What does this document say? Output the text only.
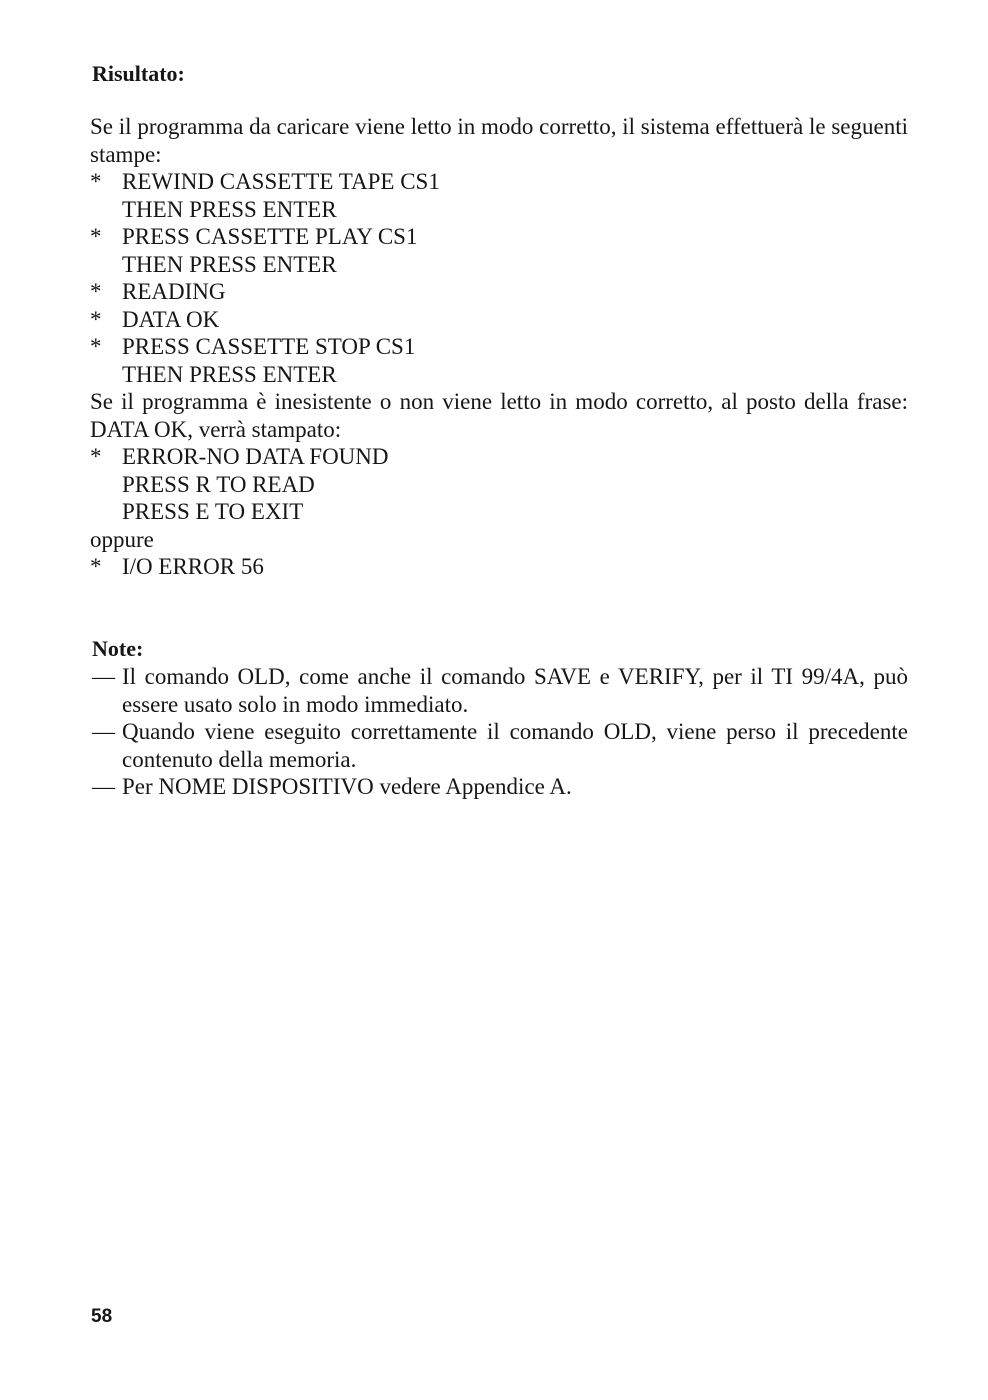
Risultato:

Se il programma da caricare viene letto in modo corretto, il sistema effettuerà le seguenti stampe:

* REWIND CASSETTE TAPE CS1

THEN PRESS ENTER

* PRESS CASSETTE PLAY CS1

THEN PRESS ENTER

* READING

* DATA OK

* PRESS CASSETTE STOP CS1

THEN PRESS ENTER

Se il programma è inesistente o non viene letto in modo corretto, al posto della frase: DATA OK, verrà stampato:

* ERROR-NO DATA FOUND

PRESS R TO READ

PRESS E TO EXIT

oppure

* I/O ERROR 56

Note:

— Il comando OLD, come anche il comando SAVE e VERIFY, per il TI 99/4A, può essere usato solo in modo immediato.

— Quando viene eseguito correttamente il comando OLD, viene perso il precedente contenuto della memoria.

— Per NOME DISPOSITIVO vedere Appendice A.

58
